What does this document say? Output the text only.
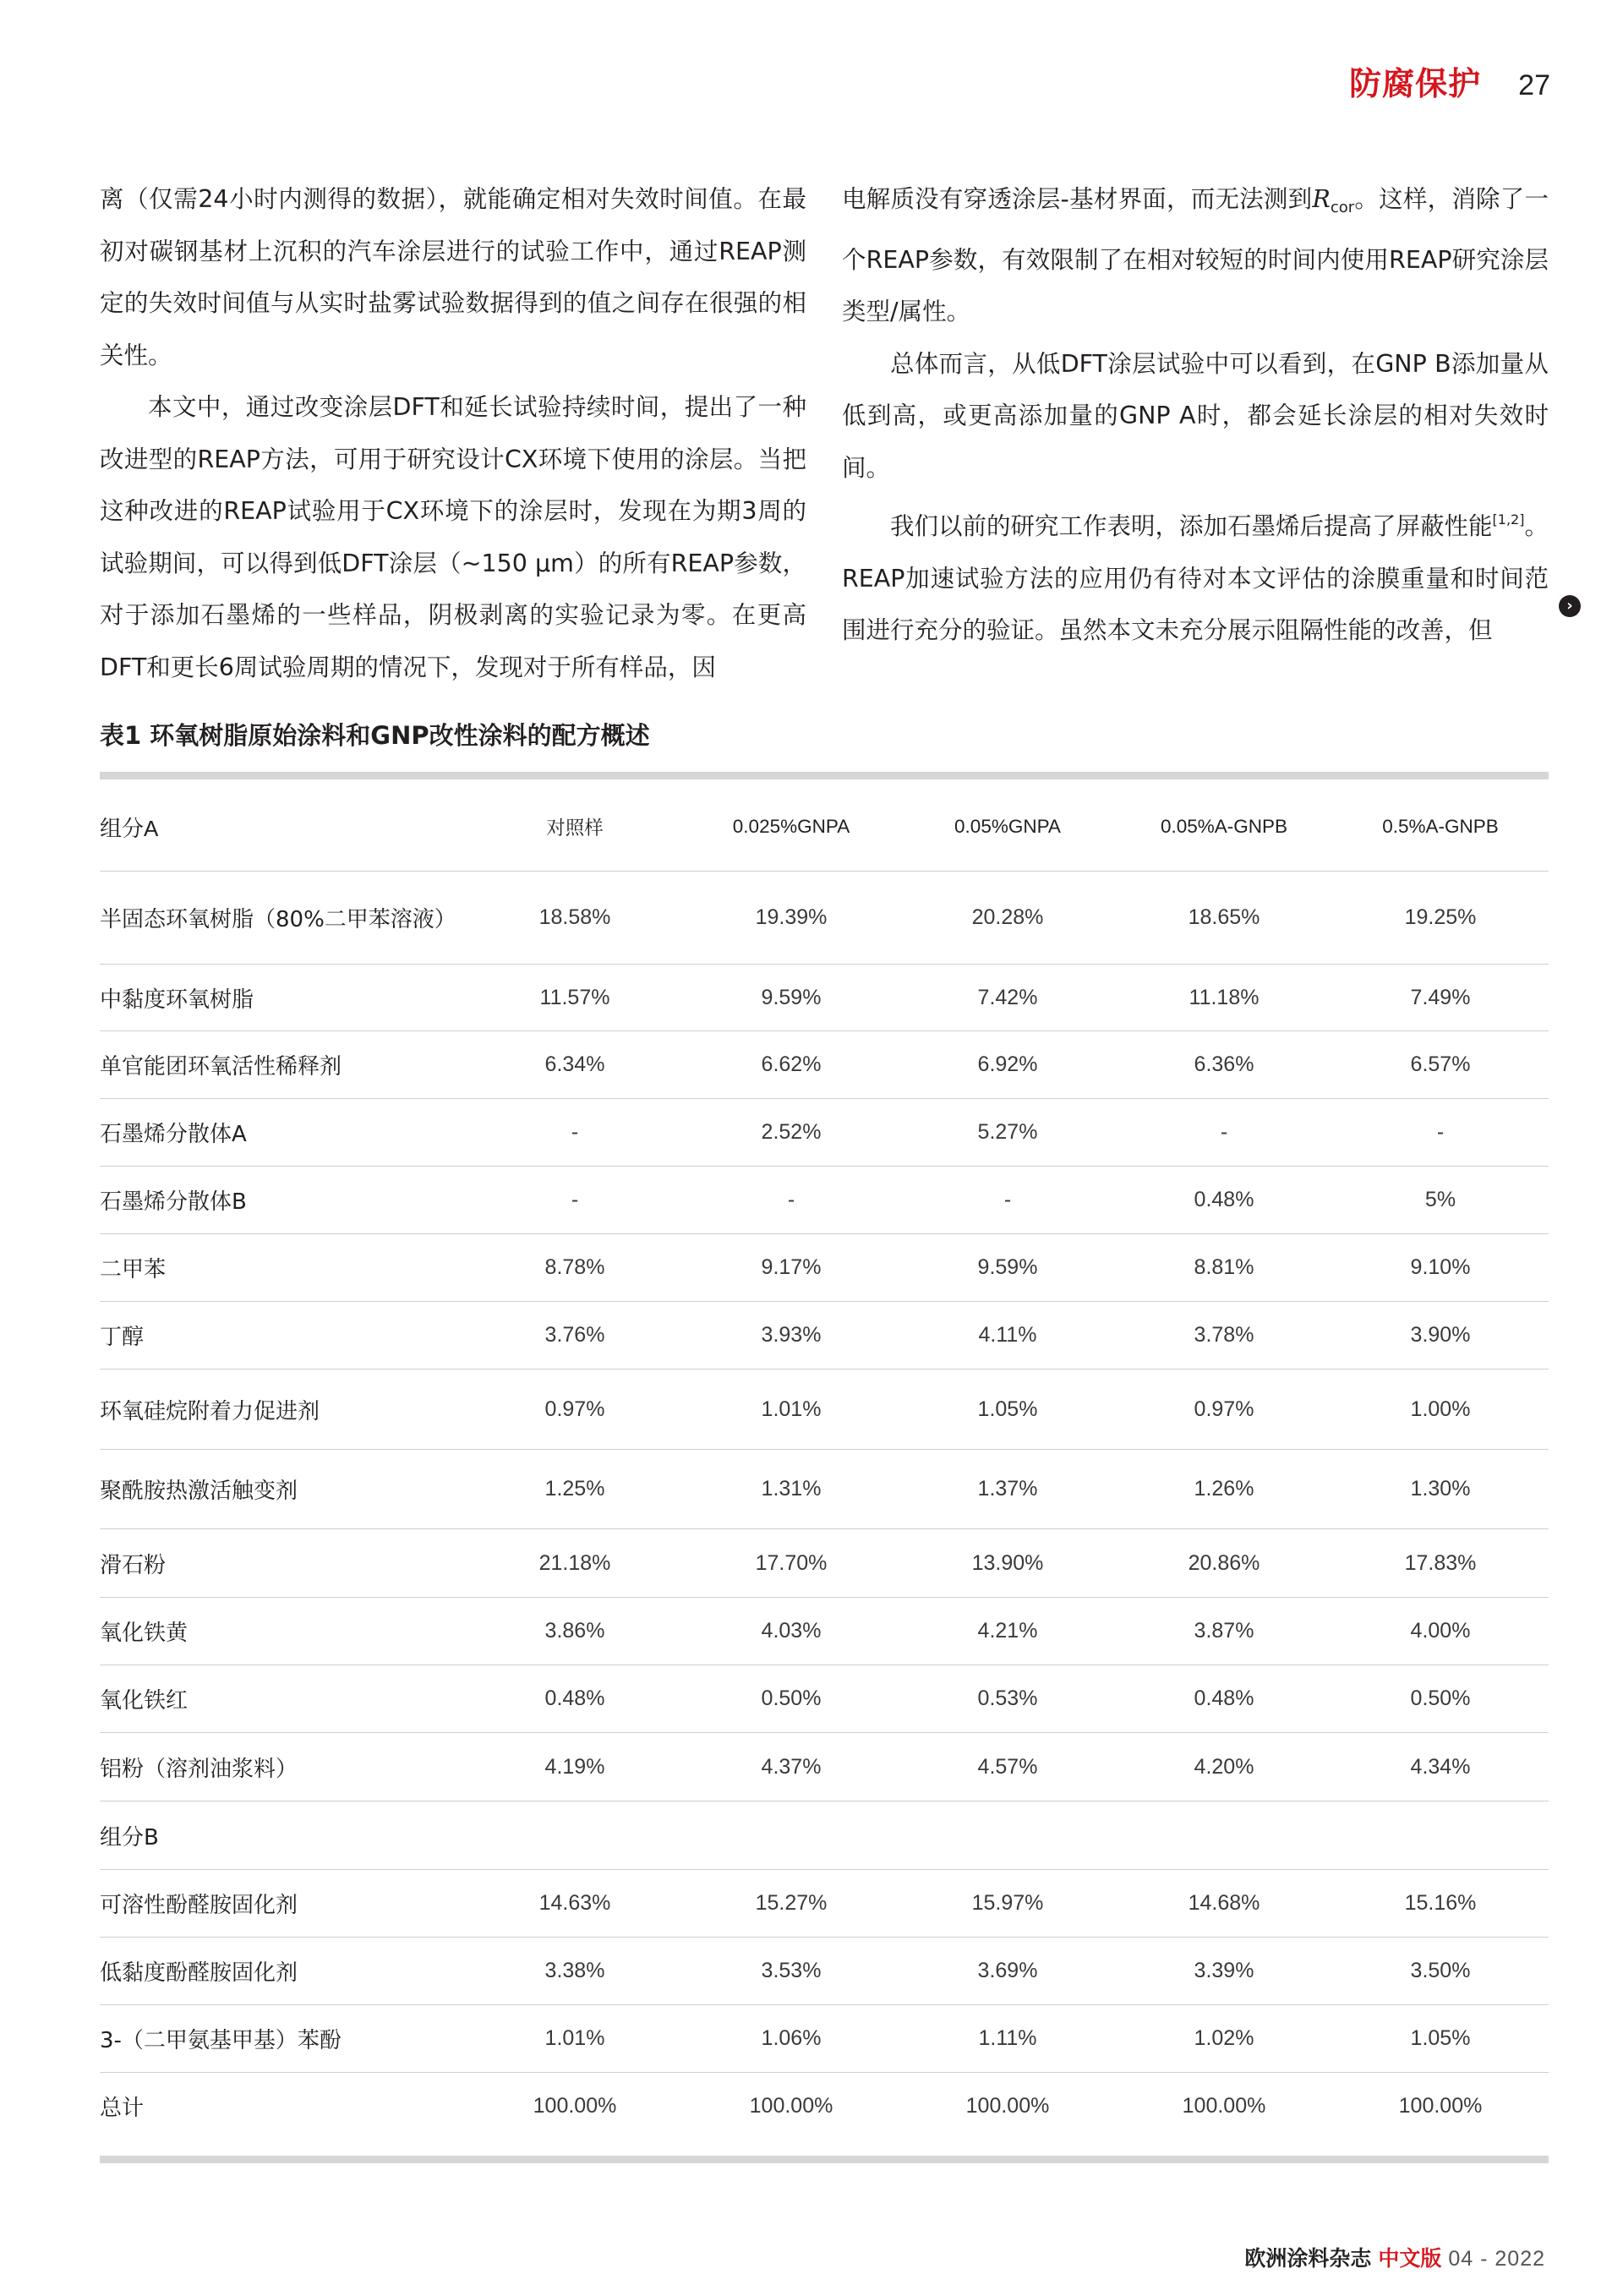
防腐保护 27

离（仅需24小时内测得的数据），就能确定相对失效时间值。在最初对碳钢基材上沉积的汽车涂层进行的试验工作中，通过REAP测定的失效时间值与从实时盐雾试验数据得到的值之间存在很强的相关性。

本文中，通过改变涂层DFT和延长试验持续时间，提出了一种改进型的REAP方法，可用于研究设计CX环境下使用的涂层。当把这种改进的REAP试验用于CX环境下的涂层时，发现在为期3周的试验期间，可以得到低DFT涂层（~150 μm）的所有REAP参数，对于添加石墨烯的一些样品，阴极剥离的实验记录为零。在更高DFT和更长6周试验周期的情况下，发现对于所有样品，因

电解质没有穿透涂层-基材界面，而无法测到$R_{cor}$。这样，消除了一个REAP参数，有效限制了在相对较短的时间内使用REAP研究涂层类型/属性。

总体而言，从低DFT涂层试验中可以看到，在GNP B添加量从低到高，或更高添加量的GNP A时，都会延长涂层的相对失效时间。

我们以前的研究工作表明，添加石墨烯后提高了屏蔽性能[1,2]。REAP加速试验方法的应用仍有待对本文评估的涂膜重量和时间范围进行充分的验证。虽然本文未充分展示阻隔性能的改善，但

›
表1 环氧树脂原始涂料和GNP改性涂料的配方概述
组分A	对照样	0.025%GNPA	0.05%GNPA	0.05%A-GNPB	0.5%A-GNPB
半固态环氧树脂（80%二甲苯溶液）	18.58%	19.39%	20.28%	18.65%	19.25%
中黏度环氧树脂	11.57%	9.59%	7.42%	11.18%	7.49%
单官能团环氧活性稀释剂	6.34%	6.62%	6.92%	6.36%	6.57%
石墨烯分散体A	-	2.52%	5.27%	-	-
石墨烯分散体B	-	-	-	0.48%	5%
二甲苯	8.78%	9.17%	9.59%	8.81%	9.10%
丁醇	3.76%	3.93%	4.11%	3.78%	3.90%
环氧硅烷附着力促进剂	0.97%	1.01%	1.05%	0.97%	1.00%
聚酰胺热激活触变剂	1.25%	1.31%	1.37%	1.26%	1.30%
滑石粉	21.18%	17.70%	13.90%	20.86%	17.83%
氧化铁黄	3.86%	4.03%	4.21%	3.87%	4.00%
氧化铁红	0.48%	0.50%	0.53%	0.48%	0.50%
铝粉（溶剂油浆料）	4.19%	4.37%	4.57%	4.20%	4.34%
组分B					
可溶性酚醛胺固化剂	14.63%	15.27%	15.97%	14.68%	15.16%
低黏度酚醛胺固化剂	3.38%	3.53%	3.69%	3.39%	3.50%
3-（二甲氨基甲基）苯酚	1.01%	1.06%	1.11%	1.02%	1.05%
总计	100.00%	100.00%	100.00%	100.00%	100.00%
欧洲涂料杂志 中文版 04 - 2022
